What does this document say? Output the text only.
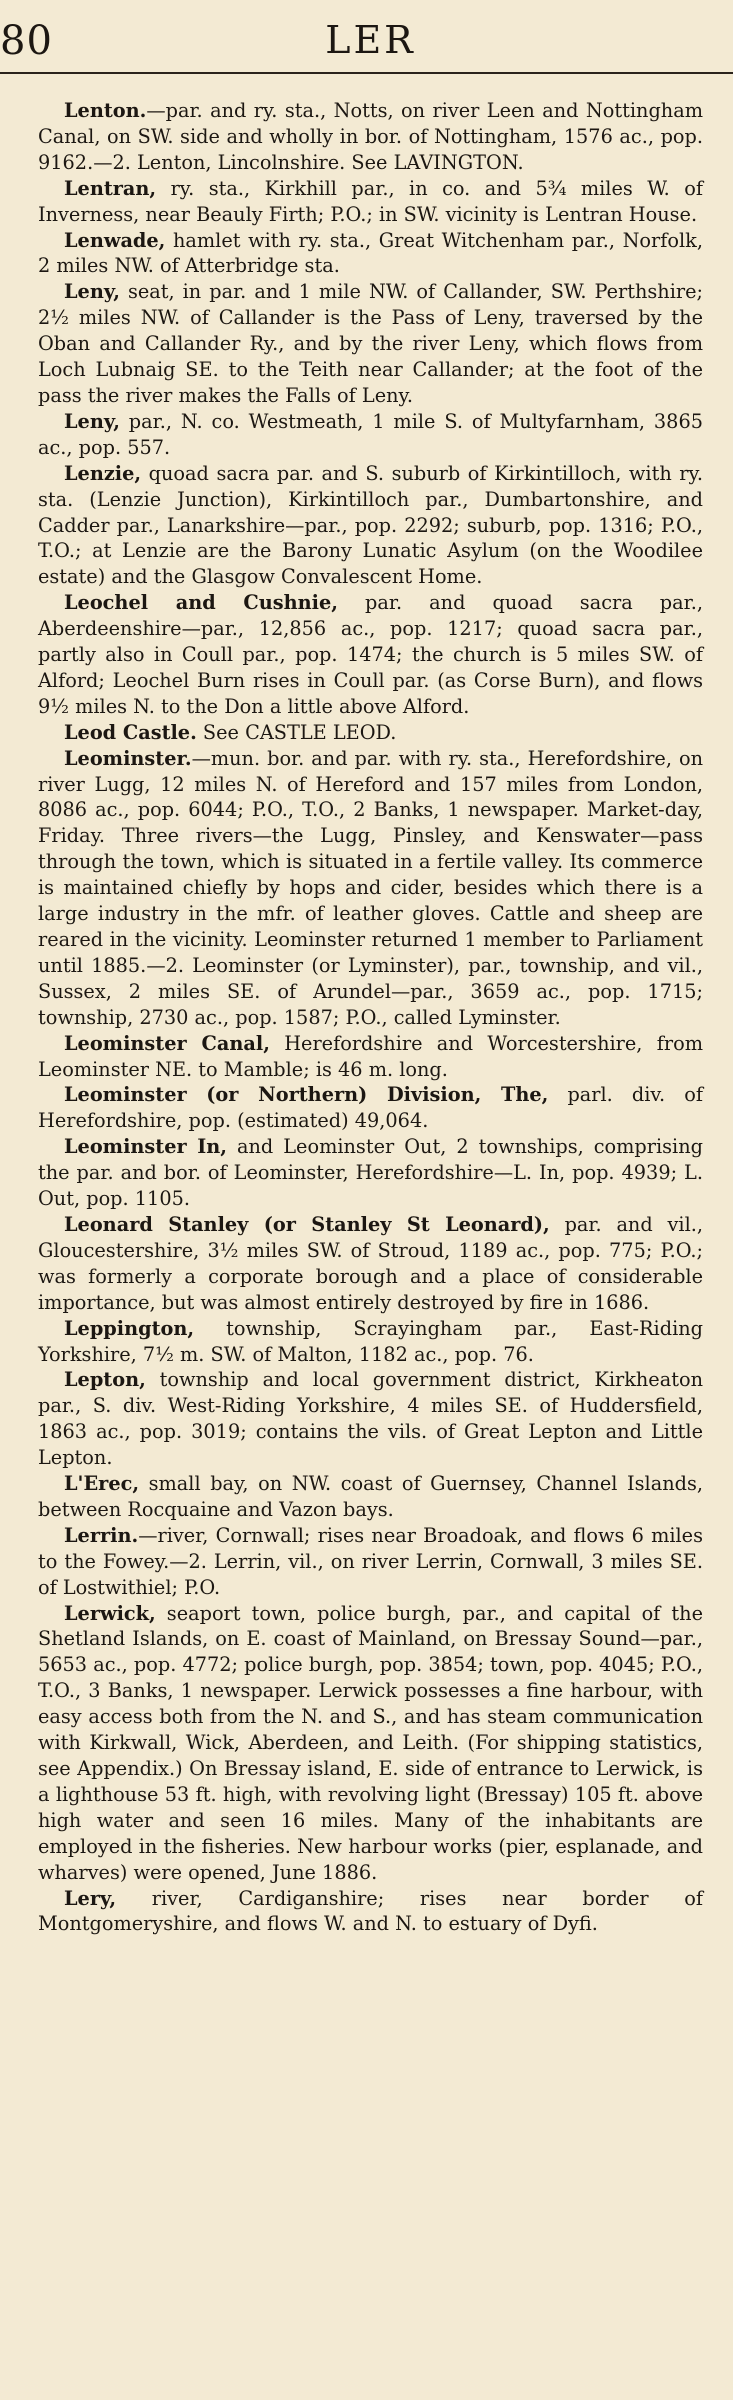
80	LER

Lenton.—par. and ry. sta., Notts, on river Leen and Nottingham Canal, on SW. side and wholly in bor. of Nottingham, 1576 ac., pop. 9162.—2. Lenton, Lincolnshire. See LAVINGTON.

Lentran, ry. sta., Kirkhill par., in co. and 5¾ miles W. of Inverness, near Beauly Firth; P.O.; in SW. vicinity is Lentran House.

Lenwade, hamlet with ry. sta., Great Witchenham par., Norfolk, 2 miles NW. of Atterbridge sta.

Leny, seat, in par. and 1 mile NW. of Callander, SW. Perthshire; 2½ miles NW. of Callander is the Pass of Leny, traversed by the Oban and Callander Ry., and by the river Leny, which flows from Loch Lubnaig SE. to the Teith near Callander; at the foot of the pass the river makes the Falls of Leny.

Leny, par., N. co. Westmeath, 1 mile S. of Multyfarnham, 3865 ac., pop. 557.

Lenzie, quoad sacra par. and S. suburb of Kirkintilloch, with ry. sta. (Lenzie Junction), Kirkintilloch par., Dumbartonshire, and Cadder par., Lanarkshire—par., pop. 2292; suburb, pop. 1316; P.O., T.O.; at Lenzie are the Barony Lunatic Asylum (on the Woodilee estate) and the Glasgow Convalescent Home.

Leochel and Cushnie, par. and quoad sacra par., Aberdeenshire—par., 12,856 ac., pop. 1217; quoad sacra par., partly also in Coull par., pop. 1474; the church is 5 miles SW. of Alford; Leochel Burn rises in Coull par. (as Corse Burn), and flows 9½ miles N. to the Don a little above Alford.

Leod Castle. See CASTLE LEOD.

Leominster.—mun. bor. and par. with ry. sta., Herefordshire, on river Lugg, 12 miles N. of Hereford and 157 miles from London, 8086 ac., pop. 6044; P.O., T.O., 2 Banks, 1 newspaper. Market-day, Friday. Three rivers—the Lugg, Pinsley, and Kenswater—pass through the town, which is situated in a fertile valley. Its commerce is maintained chiefly by hops and cider, besides which there is a large industry in the mfr. of leather gloves. Cattle and sheep are reared in the vicinity. Leominster returned 1 member to Parliament until 1885.—2. Leominster (or Lyminster), par., township, and vil., Sussex, 2 miles SE. of Arundel—par., 3659 ac., pop. 1715; township, 2730 ac., pop. 1587; P.O., called Lyminster.

Leominster Canal, Herefordshire and Worcestershire, from Leominster NE. to Mamble; is 46 m. long.

Leominster (or Northern) Division, The, parl. div. of Herefordshire, pop. (estimated) 49,064.

Leominster In, and Leominster Out, 2 townships, comprising the par. and bor. of Leominster, Herefordshire—L. In, pop. 4939; L. Out, pop. 1105.

Leonard Stanley (or Stanley St Leonard), par. and vil., Gloucestershire, 3½ miles SW. of Stroud, 1189 ac., pop. 775; P.O.; was formerly a corporate borough and a place of considerable importance, but was almost entirely destroyed by fire in 1686.

Leppington, township, Scrayingham par., East-Riding Yorkshire, 7½ m. SW. of Malton, 1182 ac., pop. 76.

Lepton, township and local government district, Kirkheaton par., S. div. West-Riding Yorkshire, 4 miles SE. of Huddersfield, 1863 ac., pop. 3019; contains the vils. of Great Lepton and Little Lepton.

L'Erec, small bay, on NW. coast of Guernsey, Channel Islands, between Rocquaine and Vazon bays.

Lerrin.—river, Cornwall; rises near Broadoak, and flows 6 miles to the Fowey.—2. Lerrin, vil., on river Lerrin, Cornwall, 3 miles SE. of Lostwithiel; P.O.

Lerwick, seaport town, police burgh, par., and capital of the Shetland Islands, on E. coast of Mainland, on Bressay Sound—par., 5653 ac., pop. 4772; police burgh, pop. 3854; town, pop. 4045; P.O., T.O., 3 Banks, 1 newspaper. Lerwick possesses a fine harbour, with easy access both from the N. and S., and has steam communication with Kirkwall, Wick, Aberdeen, and Leith. (For shipping statistics, see Appendix.) On Bressay island, E. side of entrance to Lerwick, is a lighthouse 53 ft. high, with revolving light (Bressay) 105 ft. above high water and seen 16 miles. Many of the inhabitants are employed in the fisheries. New harbour works (pier, esplanade, and wharves) were opened, June 1886.

Lery, river, Cardiganshire; rises near border of Montgomeryshire, and flows W. and N. to estuary of Dyfi.
